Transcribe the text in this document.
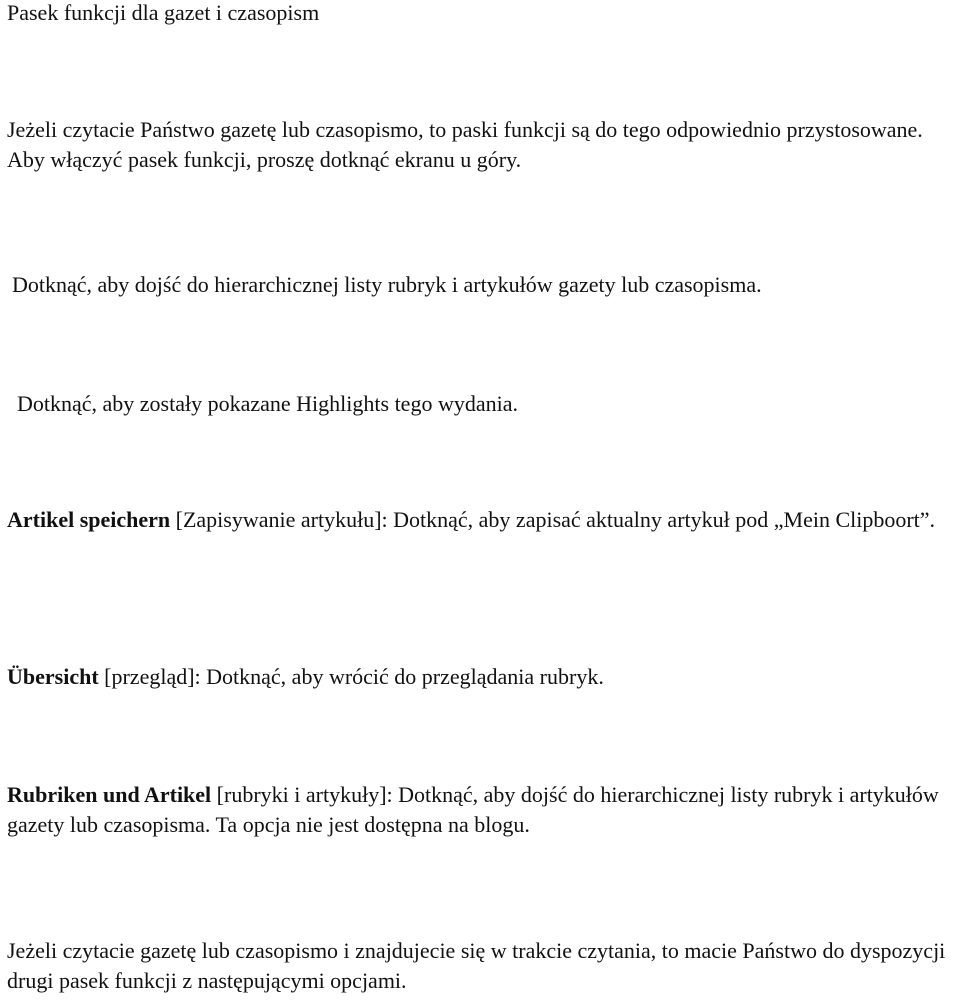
Pasek funkcji dla gazet i czasopism

Jeżeli czytacie Państwo gazetę lub czasopismo, to paski funkcji są do tego odpowiednio przystosowane. Aby włączyć pasek funkcji, proszę dotknąć ekranu u góry.

Dotknąć, aby dojść do hierarchicznej listy rubryk i artykułów gazety lub czasopisma.

Dotknąć, aby zostały pokazane Highlights tego wydania.

Artikel speichern [Zapisywanie artykułu]: Dotknąć, aby zapisać aktualny artykuł pod „Mein Clipboort”.

Übersicht [przegląd]: Dotknąć, aby wrócić do przeglądania rubryk.

Rubriken und Artikel [rubryki i artykuły]: Dotknąć, aby dojść do hierarchicznej listy rubryk i artykułów gazety lub czasopisma. Ta opcja nie jest dostępna na blogu.

Jeżeli czytacie gazetę lub czasopismo i znajdujecie się w trakcie czytania, to macie Państwo do dyspozycji drugi pasek funkcji z następującymi opcjami.
